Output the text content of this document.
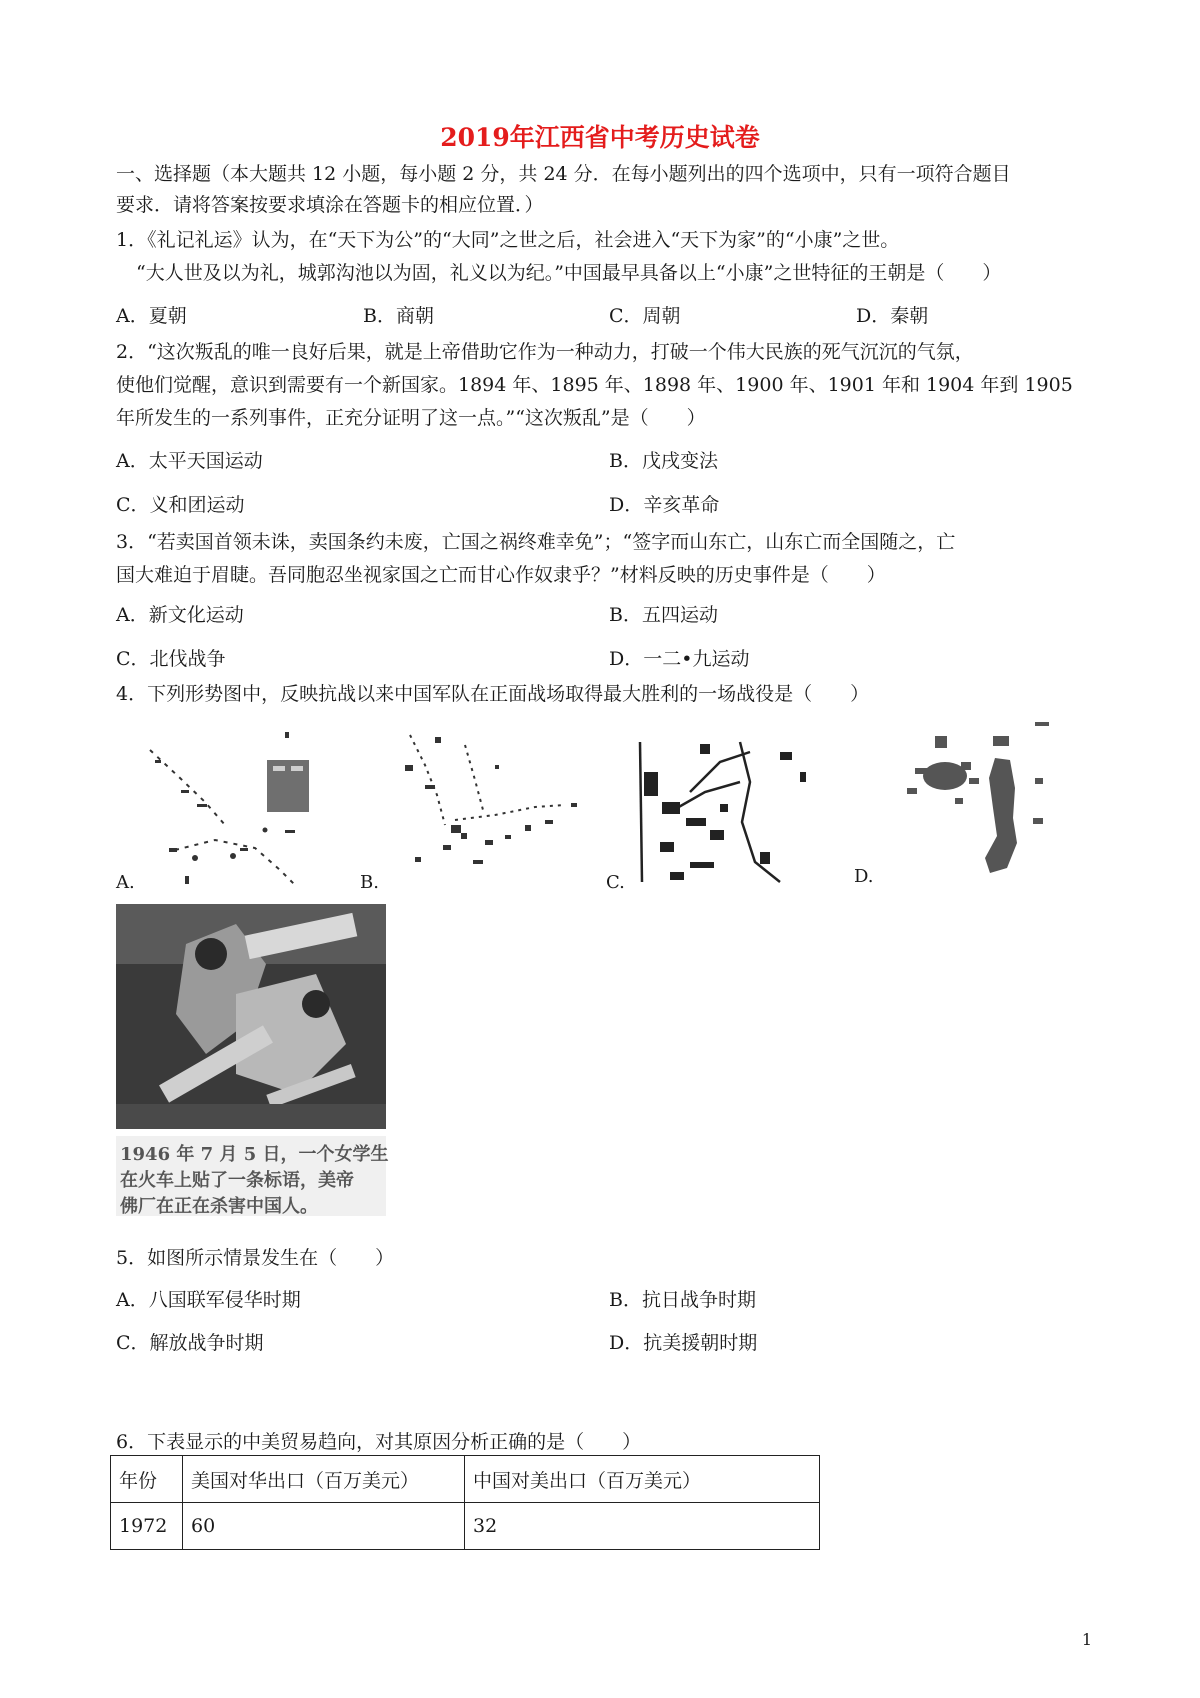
2019年江西省中考历史试卷
一、选择题（本大题共 12 小题，每小题 2 分，共 24 分．在每小题列出的四个选项中，只有一项符合题目
要求．请将答案按要求填涂在答题卡的相应位置．）
1．《礼记礼运》认为，在“天下为公”的“大同”之世之后，社会进入“天下为家”的“小康”之世。
“大人世及以为礼，城郭沟池以为固，礼义以为纪。”中国最早具备以上“小康”之世特征的王朝是（　　）
A．夏朝	B．商朝	C．周朝	D．秦朝
2．“这次叛乱的唯一良好后果，就是上帝借助它作为一种动力，打破一个伟大民族的死气沉沉的气氛，
使他们觉醒，意识到需要有一个新国家。1894 年、1895 年、1898 年、1900 年、1901 年和 1904 年到 1905
年所发生的一系列事件，正充分证明了这一点。”“这次叛乱”是（　　）
A．太平天国运动	B．戊戌变法
C．义和团运动	D．辛亥革命
3．“若卖国首领未诛，卖国条约未废，亡国之祸终难幸免”；“签字而山东亡，山东亡而全国随之，亡
国大难迫于眉睫。吾同胞忍坐视家国之亡而甘心作奴隶乎？”材料反映的历史事件是（　　）
A．新文化运动	B．五四运动
C．北伐战争	D．一二•九运动
4．下列形势图中，反映抗战以来中国军队在正面战场取得最大胜利的一场战役是（　　）
A.	B.	C.	D.
1946 年 7 月 5 日，一个女学生
在火车上贴了一条标语，美帝
佛厂在正在杀害中国人。
5．如图所示情景发生在（　　）
A．八国联军侵华时期	B．抗日战争时期
C．解放战争时期	D．抗美援朝时期
6．下表显示的中美贸易趋向，对其原因分析正确的是（　　）
年份	美国对华出口（百万美元）	中国对美出口（百万美元）
1972	60	32
1
